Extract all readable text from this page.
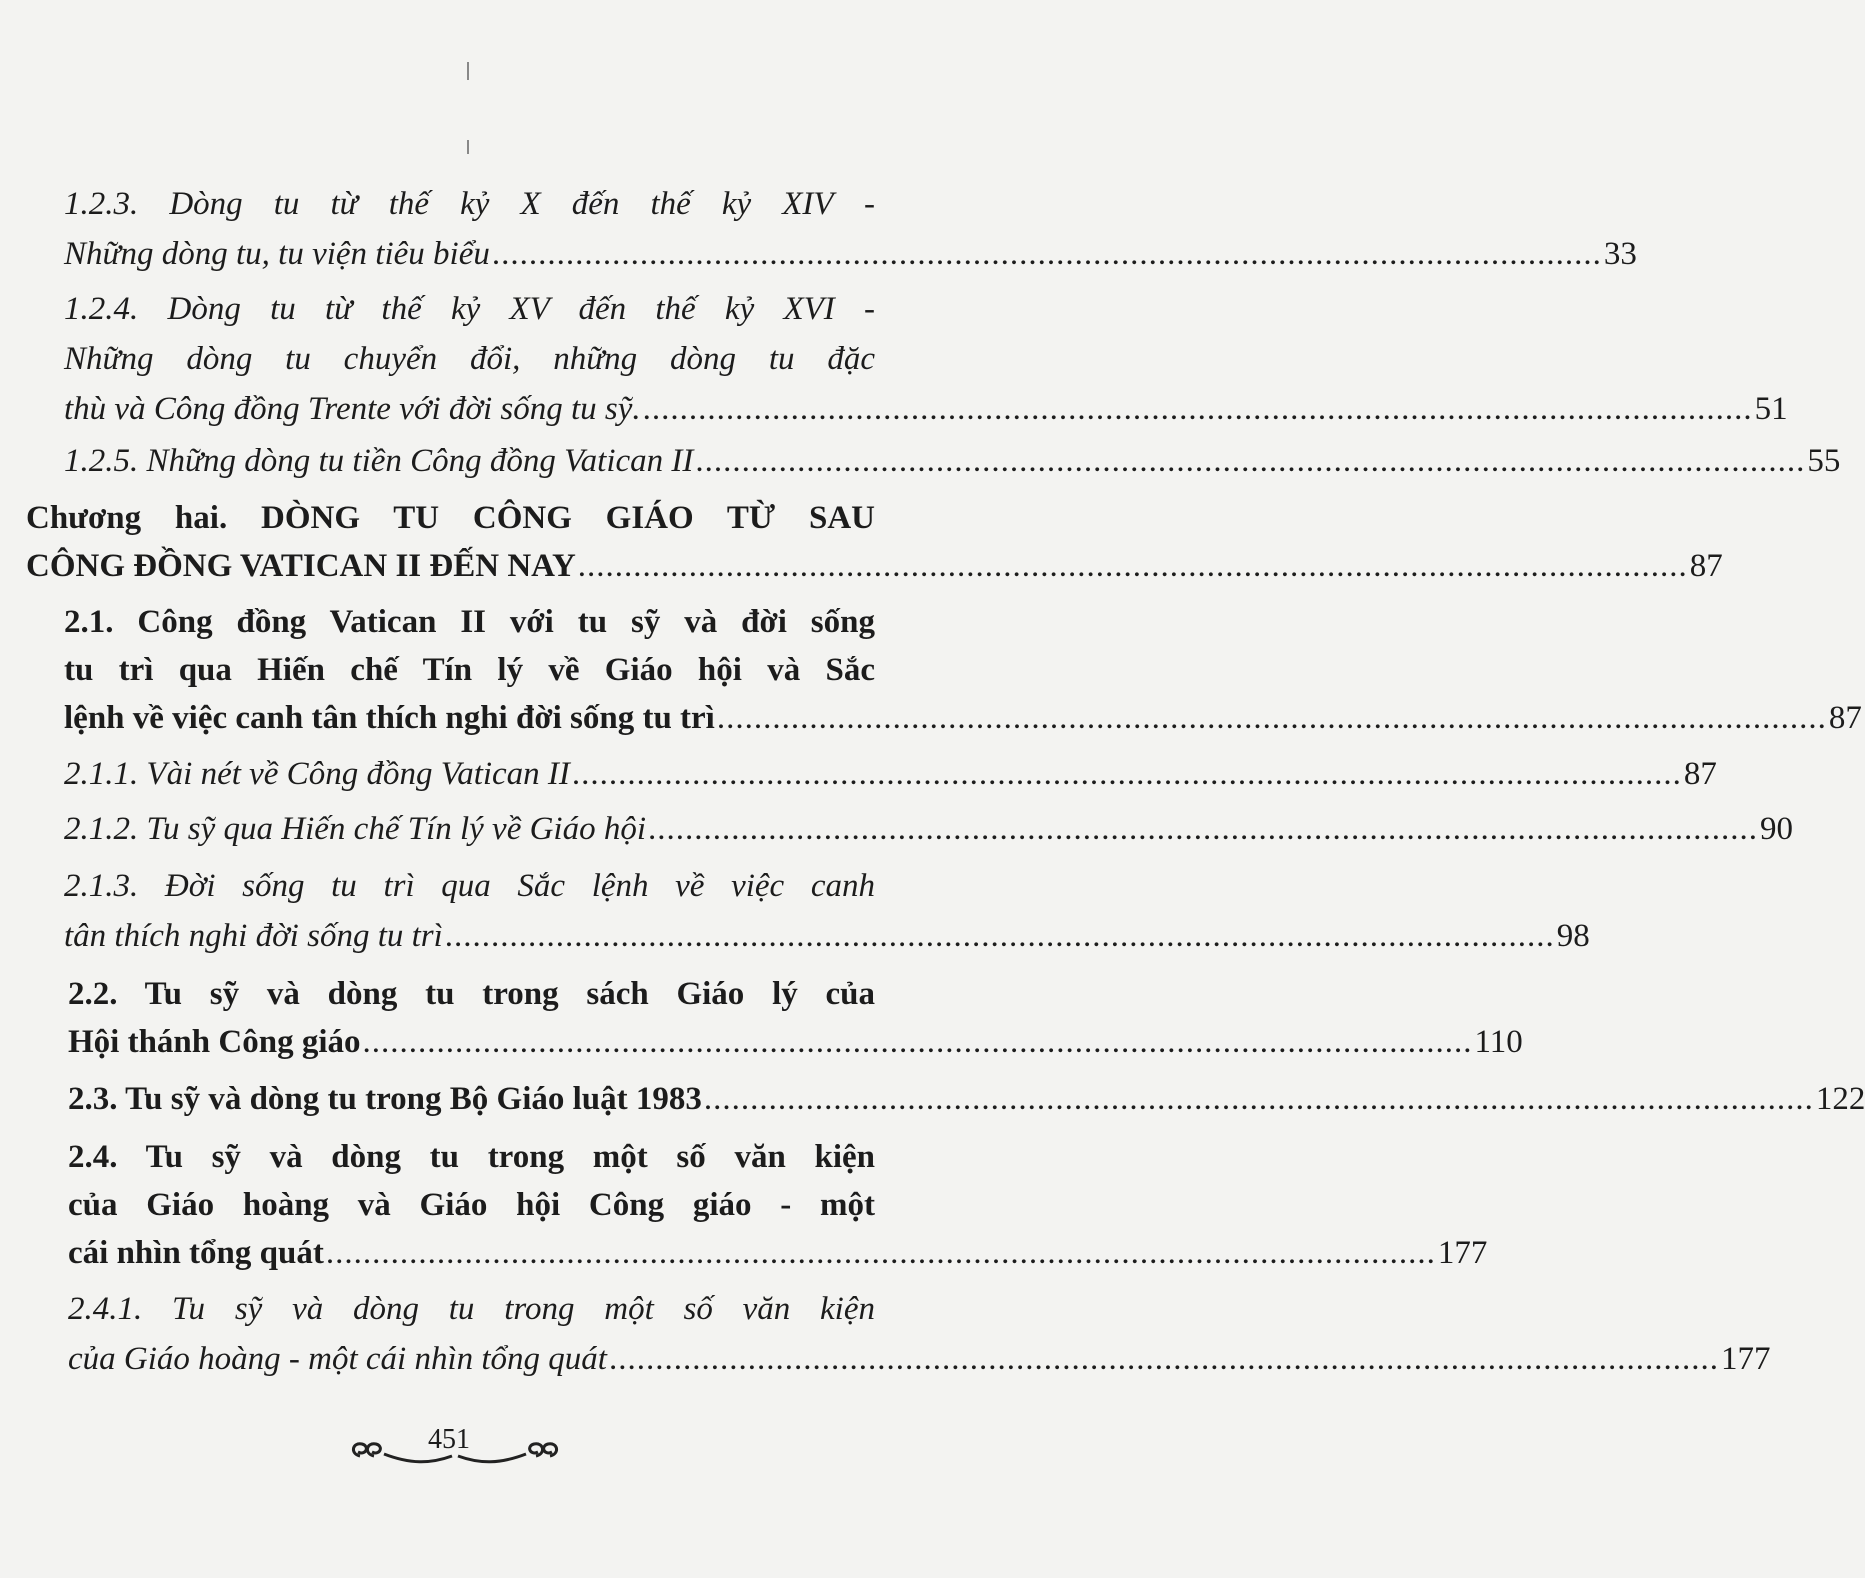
1.2.3. Dòng tu từ thế kỷ X đến thế kỷ XIV -
Những dòng tu, tu viện tiêu biểu ........................................................................................................................ 33
1.2.4. Dòng tu từ thế kỷ XV đến thế kỷ XVI -
Những dòng tu chuyển đổi, những dòng tu đặc
thù và Công đồng Trente với đời sống tu sỹ. ........................................................................................................................ 51
1.2.5. Những dòng tu tiền Công đồng Vatican II ........................................................................................................................ 55
Chương hai. DÒNG TU CÔNG GIÁO TỪ SAU
CÔNG ĐỒNG VATICAN II ĐẾN NAY ........................................................................................................................ 87
2.1. Công đồng Vatican II với tu sỹ và đời sống
tu trì qua Hiến chế Tín lý về Giáo hội và Sắc
lệnh về việc canh tân thích nghi đời sống tu trì ........................................................................................................................ 87
2.1.1. Vài nét về Công đồng Vatican II ........................................................................................................................ 87
2.1.2. Tu sỹ qua Hiến chế Tín lý về Giáo hội ........................................................................................................................ 90
2.1.3. Đời sống tu trì qua Sắc lệnh về việc canh
tân thích nghi đời sống tu trì ........................................................................................................................ 98
2.2. Tu sỹ và dòng tu trong sách Giáo lý của
Hội thánh Công giáo ........................................................................................................................ 110
2.3. Tu sỹ và dòng tu trong Bộ Giáo luật 1983 ........................................................................................................................ 122
2.4. Tu sỹ và dòng tu trong một số văn kiện
của Giáo hoàng và Giáo hội Công giáo - một
cái nhìn tổng quát ........................................................................................................................ 177
2.4.1. Tu sỹ và dòng tu trong một số văn kiện
của Giáo hoàng - một cái nhìn tổng quát ........................................................................................................................ 177
451
